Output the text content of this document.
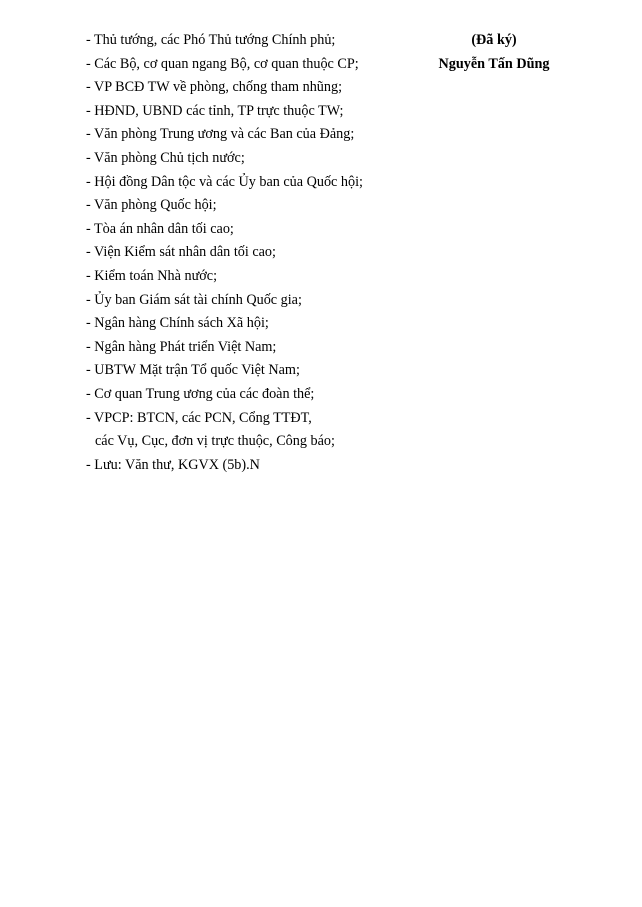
- Thủ tướng, các Phó Thủ tướng Chính phủ;
- Các Bộ, cơ quan ngang Bộ, cơ quan thuộc CP;
- VP BCĐ TW về phòng, chống tham nhũng;
- HĐND, UBND các tỉnh, TP trực thuộc TW;
- Văn phòng Trung ương và các Ban của Đảng;
- Văn phòng Chủ tịch nước;
- Hội đồng Dân tộc và các Ủy ban của Quốc hội;
- Văn phòng Quốc hội;
- Tòa án nhân dân tối cao;
- Viện Kiểm sát nhân dân tối cao;
- Kiểm toán Nhà nước;
- Ủy ban Giám sát tài chính Quốc gia;
- Ngân hàng Chính sách Xã hội;
- Ngân hàng Phát triển Việt Nam;
- UBTW Mặt trận Tổ quốc Việt Nam;
- Cơ quan Trung ương của các đoàn thể;
- VPCP: BTCN, các PCN, Cổng TTĐT,
các Vụ, Cục, đơn vị trực thuộc, Công báo;
- Lưu: Văn thư, KGVX (5b).N
(Đã ký)
Nguyễn Tấn Dũng
